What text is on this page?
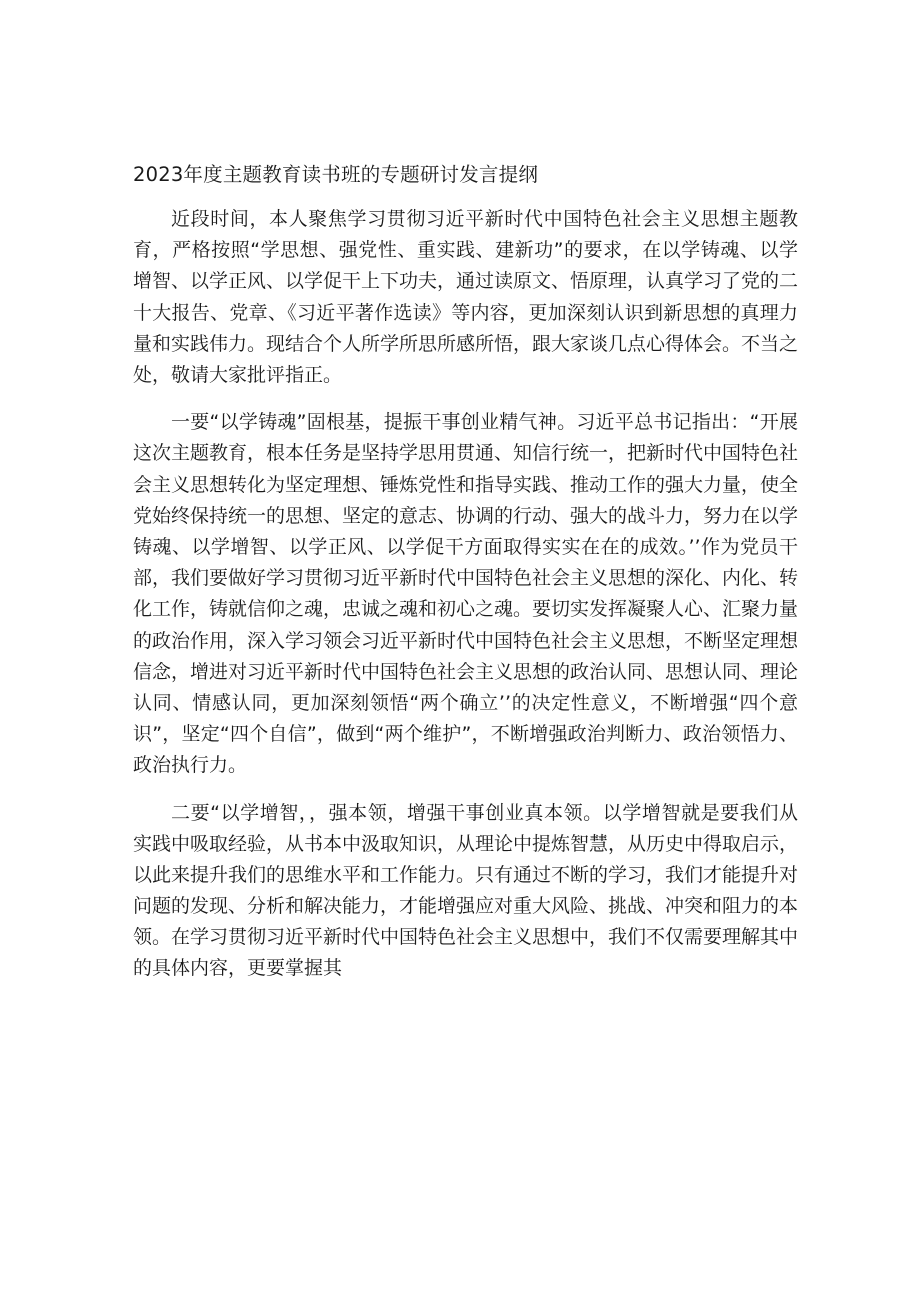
2023年度主题教育读书班的专题研讨发言提纲

近段时间，本人聚焦学习贯彻习近平新时代中国特色社会主义思想主题教育，严格按照“学思想、强党性、重实践、建新功”的要求，在以学铸魂、以学增智、以学正风、以学促干上下功夫，通过读原文、悟原理，认真学习了党的二十大报告、党章、《习近平著作选读》等内容，更加深刻认识到新思想的真理力量和实践伟力。现结合个人所学所思所感所悟，跟大家谈几点心得体会。不当之处，敬请大家批评指正。

一要“以学铸魂”固根基，提振干事创业精气神。习近平总书记指出：“开展这次主题教育，根本任务是坚持学思用贯通、知信行统一，把新时代中国特色社会主义思想转化为坚定理想、锤炼党性和指导实践、推动工作的强大力量，使全党始终保持统一的思想、坚定的意志、协调的行动、强大的战斗力，努力在以学铸魂、以学增智、以学正风、以学促干方面取得实实在在的成效。’’作为党员干部，我们要做好学习贯彻习近平新时代中国特色社会主义思想的深化、内化、转化工作，铸就信仰之魂，忠诚之魂和初心之魂。要切实发挥凝聚人心、汇聚力量的政治作用，深入学习领会习近平新时代中国特色社会主义思想，不断坚定理想信念，增进对习近平新时代中国特色社会主义思想的政治认同、思想认同、理论认同、情感认同，更加深刻领悟“两个确立’’的决定性意义，不断增强“四个意识”，坚定“四个自信”，做到“两个维护”，不断增强政治判断力、政治领悟力、政治执行力。

二要“以学增智，，强本领，增强干事创业真本领。以学增智就是要我们从实践中吸取经验，从书本中汲取知识，从理论中提炼智慧，从历史中得取启示，以此来提升我们的思维水平和工作能力。只有通过不断的学习，我们才能提升对问题的发现、分析和解决能力，才能增强应对重大风险、挑战、冲突和阻力的本领。在学习贯彻习近平新时代中国特色社会主义思想中，我们不仅需要理解其中的具体内容，更要掌握其
